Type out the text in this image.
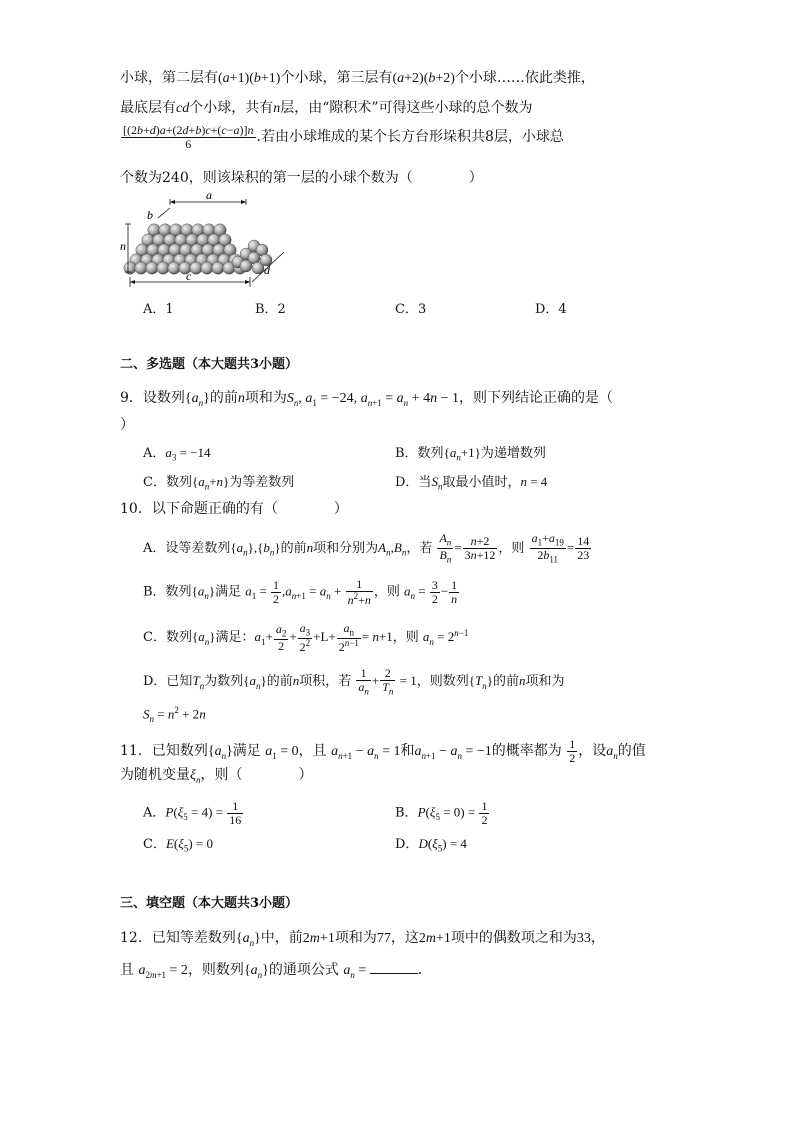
小球，第二层有(a+1)(b+1)个小球，第三层有(a+2)(b+2)个小球……依此类推，
最底层有cd个小球，共有n层，由“隙积术”可得这些小球的总个数为
$\frac{[(2b+d)a+(2d+b)c+(c-a)]n}{6}$ .若由小球堆成的某个长方台形垛积共8层，小球总
个数为240，则该垛积的第一层的小球个数为（　　　　）
a
b
n
c	d
A．1	B．2	C．3	D．4
二、多选题（本大题共3小题）
9．设数列$\{a_n\}$的前n项和为$S_n$, $a_1 = -24$, $a_{n+1} = a_n + 4n - 1$，则下列结论正确的是（
）
A．$a_3 = -14$	B．数列$\{a_n+1\}$为递增数列
C．数列$\{a_n+n\}$为等差数列	D．当$S_n$取最小值时，n = 4
10．以下命题正确的有（　　　　）
A．设等差数列$\{a_n\},\{b_n\}$的前n项和分别为$A_n,B_n$，若 $\frac{A_n}{B_n} = \frac{n+2}{3n+12}$ ，则 $\frac{a_1+a_{19}}{2b_{11}} = \frac{14}{23}$
B．数列$\{a_n\}$满足 $a_1 = \frac{1}{2} ,a_{n+1} = a_n + \frac{1}{n^2+n}$ ，则 $a_n = \frac{3}{2} - \frac{1}{n}$
C．数列$\{a_n\}$满足：$a_1+ \frac{a_2}{2} + \frac{a_3}{2^2} +L+ \frac{a_n}{2^{n-1}} = n+1$，则 $a_n = 2^{n-1}$
D．已知$T_n$为数列$\{a_n\}$的前n项积，若 $\frac{1}{a_n} + \frac{2}{T_n} = 1$，则数列$\{T_n\}$的前n项和为
$S_n = n^2 + 2n$
11．已知数列$\{a_n\}$满足 $a_1 = 0$，且 $a_{n+1} - a_n = 1$和$a_{n+1} - a_n = -1$的概率都为 $\frac{1}{2}$ ，设$a_n$的值
为随机变量$\xi_n$，则（　　　　）
A．$P(\xi_5 = 4) = \frac{1}{16}$	B．$P(\xi_5 = 0) = \frac{1}{2}$
C．$E(\xi_5) = 0$	D．$D(\xi_5) = 4$
三、填空题（本大题共3小题）
12．已知等差数列$\{a_n\}$中，前2m+1项和为77，这2m+1项中的偶数项之和为33，
且 $a_{2m+1} = 2$，则数列$\{a_n\}$的通项公式 $a_n$ =	.
